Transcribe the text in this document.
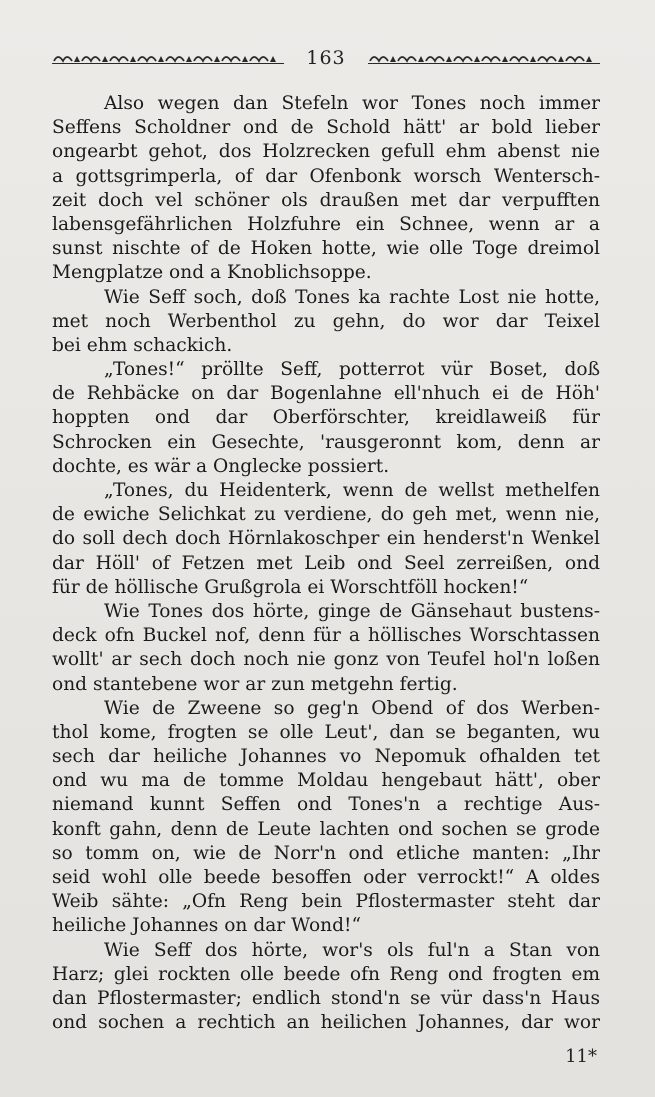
163
Also wegen dan Stefeln wor Tones noch immer
Seffens Scholdner ond de Schold hätt' ar bold lieber
ongearbt gehot, dos Holzrecken gefull ehm abenst nie
a gottsgrimperla, of dar Ofenbonk worsch Wentersch-
zeit doch vel schöner ols draußen met dar verpufften
labensgefährlichen Holzfuhre ein Schnee, wenn ar a
sunst nischte of de Hoken hotte, wie olle Toge dreimol
Mengplatze ond a Knoblichsoppe.
Wie Seff soch, doß Tones ka rachte Lost nie hotte,
met noch Werbenthol zu gehn, do wor dar Teixel
bei ehm schackich.
„Tones!“ pröllte Seff, potterrot vür Boset, doß
de Rehbäcke on dar Bogenlahne ell'nhuch ei de Höh'
hoppten ond dar Oberförschter, kreidlaweiß für
Schrocken ein Gesechte, 'rausgeronnt kom, denn ar
dochte, es wär a Onglecke possiert.
„Tones, du Heidenterk, wenn de wellst methelfen
de ewiche Selichkat zu verdiene, do geh met, wenn nie,
do soll dech doch Hörnlakoschper ein henderst'n Wenkel
dar Höll' of Fetzen met Leib ond Seel zerreißen, ond
für de höllische Grußgrola ei Worschtföll hocken!“
Wie Tones dos hörte, ginge de Gänsehaut bustens-
deck ofn Buckel nof, denn für a höllisches Worschtassen
wollt' ar sech doch noch nie gonz von Teufel hol'n loßen
ond stantebene wor ar zun metgehn fertig.
Wie de Zweene so geg'n Obend of dos Werben-
thol kome, frogten se olle Leut', dan se beganten, wu
sech dar heiliche Johannes vo Nepomuk ofhalden tet
ond wu ma de tomme Moldau hengebaut hätt', ober
niemand kunnt Seffen ond Tones'n a rechtige Aus-
konft gahn, denn de Leute lachten ond sochen se grode
so tomm on, wie de Norr'n ond etliche manten: „Ihr
seid wohl olle beede besoffen oder verrockt!“ A oldes
Weib sähte: „Ofn Reng bein Pflostermaster steht dar
heiliche Johannes on dar Wond!“
Wie Seff dos hörte, wor's ols ful'n a Stan von
Harz; glei rockten olle beede ofn Reng ond frogten em
dan Pflostermaster; endlich stond'n se vür dass'n Haus
ond sochen a rechtich an heilichen Johannes, dar wor
11*
